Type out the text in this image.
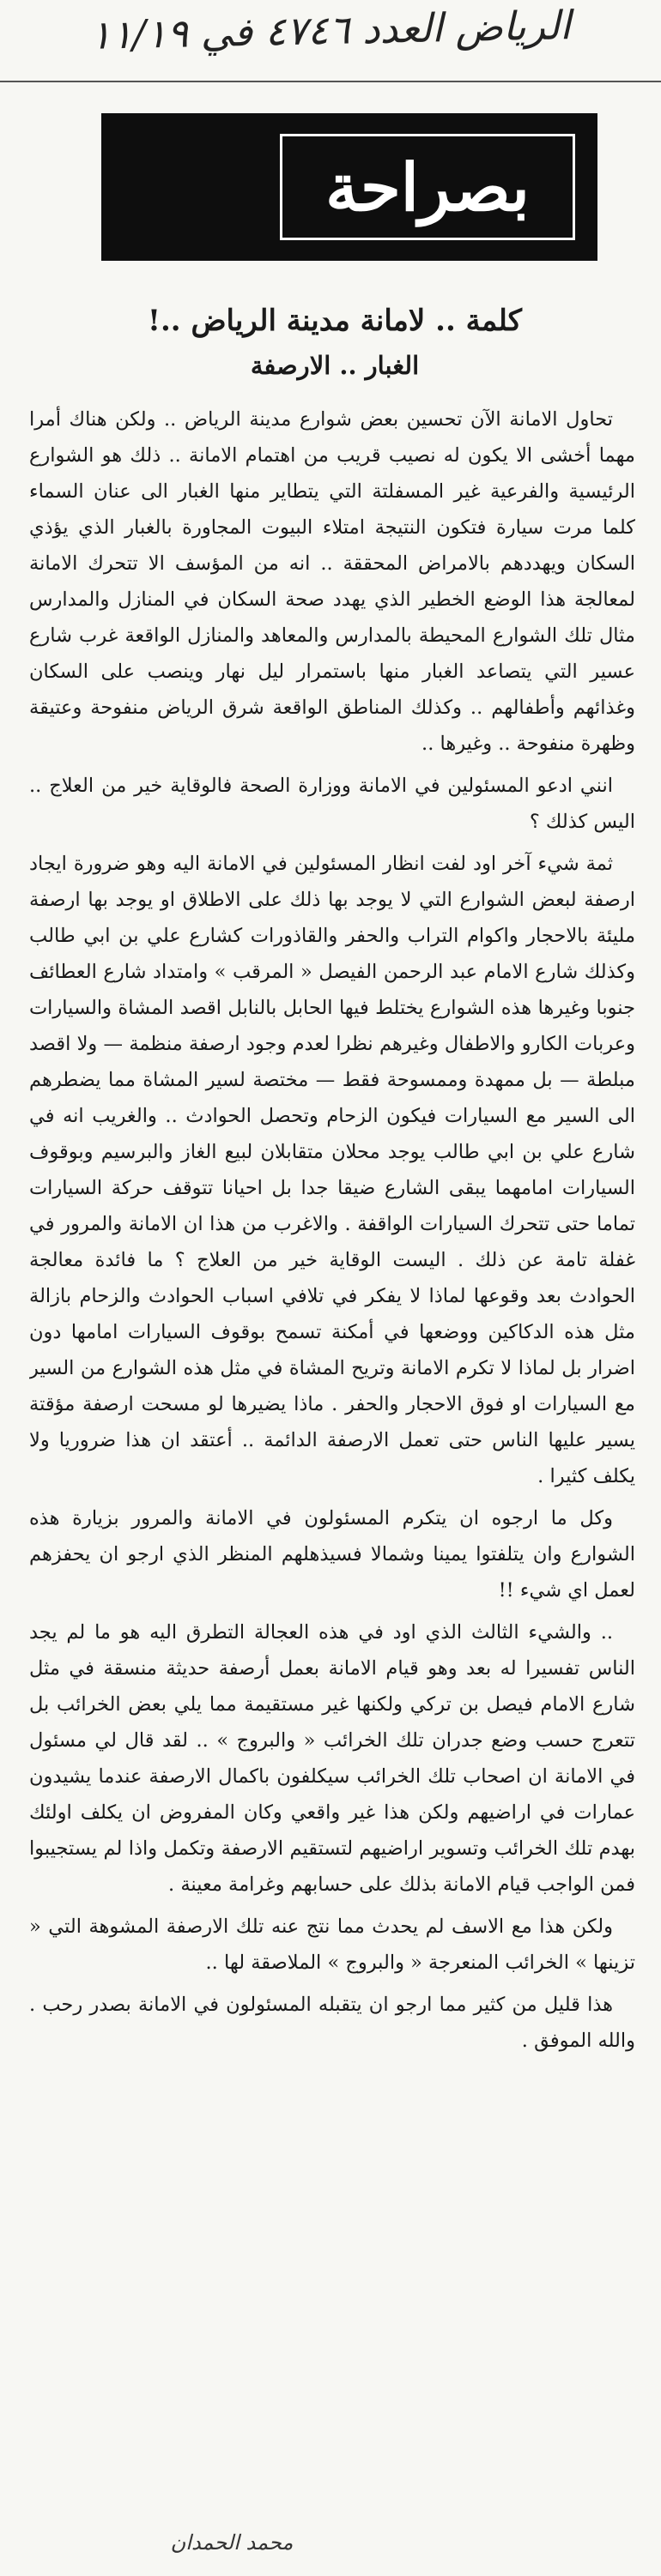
الرياض العدد ٤٧٤٦ في ١١/١٩
بصراحة
كلمة .. لامانة مدينة الرياض ..!
الغبار .. الارصفة

تحاول الامانة الآن تحسين بعض شوارع مدينة الرياض .. ولكن هناك أمرا مهما أخشى الا يكون له نصيب قريب من اهتمام الامانة .. ذلك هو الشوارع الرئيسية والفرعية غير المسفلتة التي يتطاير منها الغبار الى عنان السماء كلما مرت سيارة فتكون النتيجة امتلاء البيوت المجاورة بالغبار الذي يؤذي السكان ويهددهم بالامراض المحققة .. انه من المؤسف الا تتحرك الامانة لمعالجة هذا الوضع الخطير الذي يهدد صحة السكان في المنازل والمدارس مثال تلك الشوارع المحيطة بالمدارس والمعاهد والمنازل الواقعة غرب شارع عسير التي يتصاعد الغبار منها باستمرار ليل نهار وينصب على السكان وغذائهم وأطفالهم .. وكذلك المناطق الواقعة شرق الرياض منفوحة وعتيقة وظهرة منفوحة .. وغيرها ..

انني ادعو المسئولين في الامانة ووزارة الصحة فالوقاية خير من العلاج .. اليس كذلك ؟

ثمة شيء آخر اود لفت انظار المسئولين في الامانة اليه وهو ضرورة ايجاد ارصفة لبعض الشوارع التي لا يوجد بها ذلك على الاطلاق او يوجد بها ارصفة مليئة بالاحجار واكوام التراب والحفر والقاذورات كشارع علي بن ابي طالب وكذلك شارع الامام عبد الرحمن الفيصل « المرقب » وامتداد شارع العطائف جنوبا وغيرها هذه الشوارع يختلط فيها الحابل بالنابل اقصد المشاة والسيارات وعربات الكارو والاطفال وغيرهم نظرا لعدم وجود ارصفة منظمة — ولا اقصد مبلطة — بل ممهدة وممسوحة فقط — مختصة لسير المشاة مما يضطرهم الى السير مع السيارات فيكون الزحام وتحصل الحوادث .. والغريب انه في شارع علي بن ابي طالب يوجد محلان متقابلان لبيع الغاز والبرسيم وبوقوف السيارات امامهما يبقى الشارع ضيقا جدا بل احيانا تتوقف حركة السيارات تماما حتى تتحرك السيارات الواقفة . والاغرب من هذا ان الامانة والمرور في غفلة تامة عن ذلك . اليست الوقاية خير من العلاج ؟ ما فائدة معالجة الحوادث بعد وقوعها لماذا لا يفكر في تلافي اسباب الحوادث والزحام بازالة مثل هذه الدكاكين ووضعها في أمكنة تسمح بوقوف السيارات امامها دون اضرار بل لماذا لا تكرم الامانة وتريح المشاة في مثل هذه الشوارع من السير مع السيارات او فوق الاحجار والحفر . ماذا يضيرها لو مسحت ارصفة مؤقتة يسير عليها الناس حتى تعمل الارصفة الدائمة .. أعتقد ان هذا ضروريا ولا يكلف كثيرا .

وكل ما ارجوه ان يتكرم المسئولون في الامانة والمرور بزيارة هذه الشوارع وان يتلفتوا يمينا وشمالا فسيذهلهم المنظر الذي ارجو ان يحفزهم لعمل اي شيء !!

.. والشيء الثالث الذي اود في هذه العجالة التطرق اليه هو ما لم يجد الناس تفسيرا له بعد وهو قيام الامانة بعمل أرصفة حديثة منسقة في مثل شارع الامام فيصل بن تركي ولكنها غير مستقيمة مما يلي بعض الخرائب بل تتعرج حسب وضع جدران تلك الخرائب « والبروج » .. لقد قال لي مسئول في الامانة ان اصحاب تلك الخرائب سيكلفون باكمال الارصفة عندما يشيدون عمارات في اراضيهم ولكن هذا غير واقعي وكان المفروض ان يكلف اولئك بهدم تلك الخرائب وتسوير اراضيهم لتستقيم الارصفة وتكمل واذا لم يستجيبوا فمن الواجب قيام الامانة بذلك على حسابهم وغرامة معينة .

ولكن هذا مع الاسف لم يحدث مما نتج عنه تلك الارصفة المشوهة التي « تزينها » الخرائب المنعرجة « والبروج » الملاصقة لها ..

هذا قليل من كثير مما ارجو ان يتقبله المسئولون في الامانة بصدر رحب . والله الموفق .

محمد الحمدان
